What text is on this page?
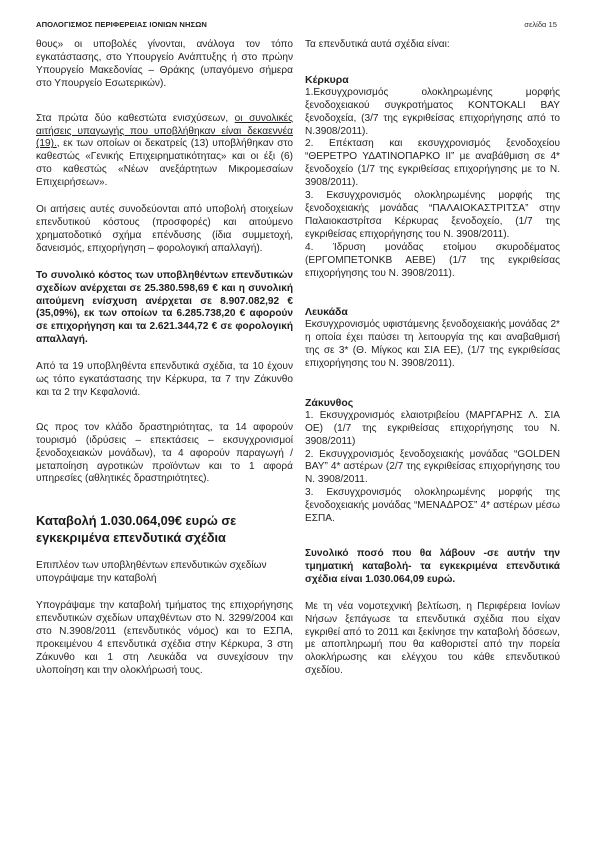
ΑΠΟΛΟΓΙΣΜΟΣ ΠΕΡΙΦΕΡΕΙΑΣ ΙΟΝΙΩΝ ΝΗΣΩΝ	σελίδα 15

θους» οι υποβολές γίνονται, ανάλογα τον τόπο εγκατάστασης, στο Υπουργείο Ανάπτυξης ή στο πρώην Υπουργείο Μακεδονίας – Θράκης (υπαγόμενο σήμερα στο Υπουργείο Εσωτερικών).

Στα πρώτα δύο καθεστώτα ενισχύσεων, οι συνολικές αιτήσεις υπαγωγής που υποβλήθηκαν είναι δεκαεννέα (19)., εκ των οποίων οι δεκατρείς (13) υποβλήθηκαν στο καθεστώς «Γενικής Επιχειρηματικότητας» και οι έξι (6) στο καθεστώς «Νέων ανεξάρτητων Μικρομεσαίων Επιχειρήσεων».

Οι αιτήσεις αυτές συνοδεύονται από υποβολή στοιχείων επενδυτικού κόστους (προσφορές) και αιτούμενο χρηματοδοτικό σχήμα επένδυσης (ίδια συμμετοχή, δανεισμός, επιχορήγηση – φορολογική απαλλαγή).

Το συνολικό κόστος των υποβληθέντων επενδυτικών σχεδίων ανέρχεται σε 25.380.598,69 € και η συνολική αιτούμενη ενίσχυση ανέρχεται σε 8.907.082,92 € (35,09%), εκ των οποίων τα 6.285.738,20 € αφορούν σε επιχορήγηση και τα 2.621.344,72 € σε φορολογική απαλλαγή.

Από τα 19 υποβληθέντα επενδυτικά σχέδια, τα 10 έχουν ως τόπο εγκατάστασης την Κέρκυρα, τα 7 την Ζάκυνθο και τα 2 την Κεφαλονιά.

Ως προς τον κλάδο δραστηριότητας, τα 14 αφορούν τουρισμό (ιδρύσεις – επεκτάσεις – εκσυγχρονισμοί ξενοδοχειακών μονάδων), τα 4 αφορούν παραγωγή / μεταποίηση αγροτικών προϊόντων και το 1 αφορά υπηρεσίες (αθλητικές δραστηριότητες).

Καταβολή 1.030.064,09€ ευρώ σε εγκεκριμένα επενδυτικά σχέδια

Επιπλέον των υποβληθέντων επενδυτικών σχεδίων υπογράψαμε την καταβολή

Υπογράψαμε την καταβολή τμήματος της επιχορήγησης επενδυτικών σχεδίων υπαχθέντων στο Ν. 3299/2004 και στο Ν.3908/2011 (επενδυτικός νόμος) και το ΕΣΠΑ, προκειμένου 4 επενδυτικά σχέδια στην Κέρκυρα, 3 στη Ζάκυνθο και 1 στη Λευκάδα να συνεχίσουν την υλοποίηση και την ολοκλήρωσή τους.

Τα επενδυτικά αυτά σχέδια είναι:

Κέρκυρα

1.Εκσυγχρονισμός ολοκληρωμένης μορφής ξενοδοχειακού συγκροτήματος KONTOKALI BAY ξενοδοχεία, (3/7 της εγκριθείσας επιχορήγησης από το Ν.3908/2011).

2. Επέκταση και εκσυγχρονισμός ξενοδοχείου “ΘΕΡΕΤΡΟ ΥΔΑΤΙΝΟΠΑΡΚΟ ΙΙ” με αναβάθμιση σε 4* ξενοδοχείο (1/7 της εγκριθείσας επιχορήγησης με το Ν. 3908/2011).

3. Εκσυγχρονισμός ολοκληρωμένης μορφής της ξενοδοχειακής μονάδας “ΠΑΛΑΙΟΚΑΣΤΡΙΤΣΑ” στην Παλαιοκαστρίτσα Κέρκυρας ξενοδοχείο, (1/7 της εγκριθείσας επιχορήγησης του Ν. 3908/2011).

4. Ίδρυση μονάδας ετοίμου σκυροδέματος (ΕΡΓΟΜΠΕΤΟΝΚΒ ΑΕΒΕ) (1/7 της εγκριθείσας επιχορήγησης του Ν. 3908/2011).

Λευκάδα

Εκσυγχρονισμός υφιστάμενης ξενοδοχειακής μονάδας 2* η οποία έχει παύσει τη λειτουργία της και αναβαθμισή της σε 3* (Θ. Μίγκος και ΣΙΑ ΕΕ), (1/7 της εγκριθείσας επιχορήγησης του Ν. 3908/2011).

Ζάκυνθος

1. Εκσυγχρονισμός ελαιοτριβείου (ΜΑΡΓΑΡΗΣ Λ. ΣΙΑ ΟΕ) (1/7 της εγκριθείσας επιχορήγησης του Ν. 3908/2011)

2. Εκσυγχρονισμός ξενοδοχειακής μονάδας “GOLDEN BAY” 4* αστέρων (2/7 της εγκριθείσας επιχορήγησης του Ν. 3908/2011.

3. Εκσυγχρονισμός ολοκληρωμένης μορφής της ξενοδοχειακής μονάδας “ΜΕΝΑΔΡΟΣ” 4* αστέρων μέσω ΕΣΠΑ.

Συνολικό ποσό που θα λάβουν -σε αυτήν την τμηματική καταβολή- τα εγκεκριμένα επενδυτικά σχέδια είναι 1.030.064,09 ευρώ.

Με τη νέα νομοτεχνική βελτίωση, η Περιφέρεια Ιονίων Νήσων ξεπάγωσε τα επενδυτικά σχέδια που είχαν εγκριθεί από το 2011 και ξεκίνησε την καταβολή δόσεων, με αποπληρωμή που θα καθοριστεί από την πορεία ολοκλήρωσης και ελέγχου του κάθε επενδυτικού σχεδίου.
